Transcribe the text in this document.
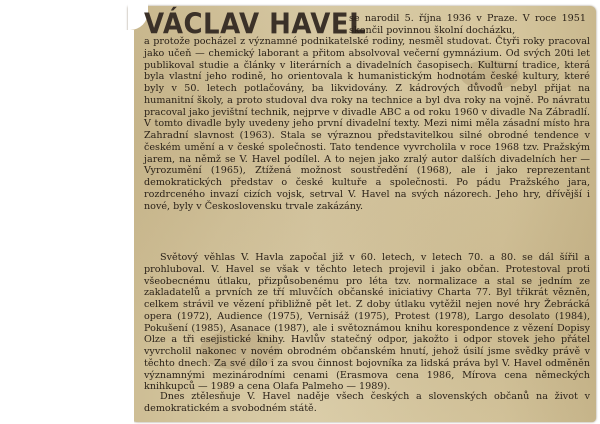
VÁCLAV HAVEL
se narodil 5. října 1936 v Praze. V roce 1951 skončil povinnou školní docházku,

a protože pocházel z významné podnikatelské rodiny, nesměl studovat. Čtyři roky pracoval jako učeň — chemický laborant a přitom absolvoval večerní gymnázium. Od svých 20ti let publikoval studie a články v literárních a divadelních časopisech. Kulturní tradice, která byla vlastní jeho rodině, ho orientovala k humanistickým hodnotám české kultury, které byly v 50. letech potlačovány, ba likvidovány. Z kádrových důvodů nebyl přijat na humanitní školy, a proto studoval dva roky na technice a byl dva roky na vojně. Po návratu pracoval jako jevištní technik, nejprve v divadle ABC a od roku 1960 v divadle Na Zábradlí. V tomto divadle byly uvedeny jeho první divadelní texty. Mezi nimi měla zásadní místo hra Zahradní slavnost (1963). Stala se výraznou představitelkou silné obrodné tendence v českém umění a v české společnosti. Tato tendence vyvrcholila v roce 1968 tzv. Pražským jarem, na němž se V. Havel podílel. A to nejen jako zralý autor dalších divadelních her — Vyrozumění (1965), Ztížená možnost soustředění (1968), ale i jako reprezentant demokratických představ o české kultuře a společnosti. Po pádu Pražského jara, rozdrceného invazí cizích vojsk, setrval V. Havel na svých názorech. Jeho hry, dřívější i nové, byly v Československu trvale zakázány.

Světový věhlas V. Havla započal již v 60. letech, v letech 70. a 80. se dál šířil a prohluboval. V. Havel se však v těchto letech projevil i jako občan. Protestoval proti všeobecnému útlaku, přizpůsobenému pro léta tzv. normalizace a stal se jedním ze zakladatelů a prvních ze tří mluvčích občanské iniciativy Charta 77. Byl třikrát vězněn, celkem strávil ve vězení přibližně pět let. Z doby útlaku vytěžil nejen nové hry Žebrácká opera (1972), Audience (1975), Vernisáž (1975), Protest (1978), Largo desolato (1984), Pokušení (1985), Asanace (1987), ale i světoznámou knihu korespondence z vězení Dopisy Olze a tři esejistické knihy. Havlův statečný odpor, jakožto i odpor stovek jeho přátel vyvrcholil nakonec v novém obrodném občanském hnutí, jehož úsilí jsme svědky právě v těchto dnech. Za své dílo i za svou činnost bojovníka za lidská práva byl V. Havel odměněn významnými mezinárodními cenami (Erasmova cena 1986, Mírova cena německých knihkupců — 1989 a cena Olafa Palmeho — 1989).

Dnes ztělesňuje V. Havel naděje všech českých a slovenských občanů na život v demokratickém a svobodném státě.
